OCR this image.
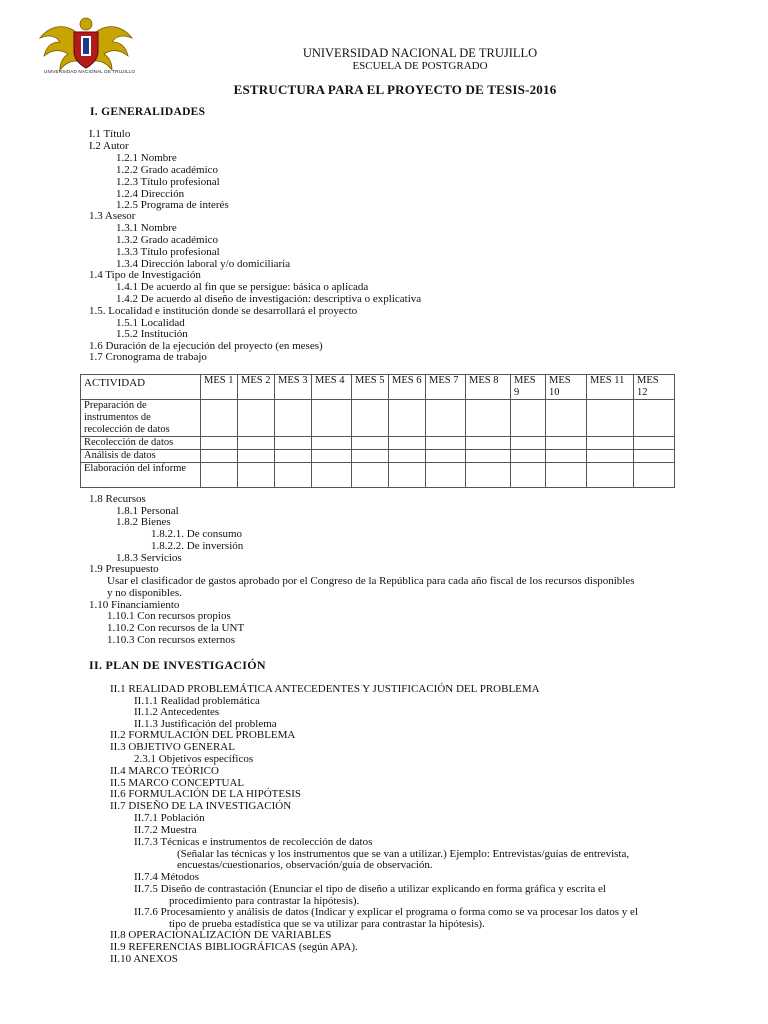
UNIVERSIDAD NACIONAL DE TRUJILLO
UNIVERSIDAD NACIONAL DE TRUJILLO
ESCUELA DE POSTGRADO
ESTRUCTURA PARA EL PROYECTO DE TESIS-2016
I. GENERALIDADES
I.1 Título
I.2 Autor
1.2.1 Nombre
1.2.2 Grado académico
1.2.3 Título profesional
1.2.4 Dirección
1.2.5 Programa de interés
1.3 Asesor
1.3.1 Nombre
1.3.2 Grado académico
1.3.3 Título profesional
1.3.4 Dirección laboral y/o domiciliaria
1.4 Tipo de Investigación
1.4.1 De acuerdo al fin que se persigue: básica o aplicada
1.4.2 De acuerdo al diseño de investigación: descriptiva o explicativa
1.5. Localidad e institución donde se desarrollará el proyecto
1.5.1 Localidad
1.5.2 Institución
1.6 Duración de la ejecución del proyecto (en meses)
1.7 Cronograma de trabajo
ACTIVIDAD	MES 1	MES 2	MES 3	MES 4	MES 5	MES 6	MES 7	MES 8	MES 9	MES 10	MES 11	MES 12
Preparación de instrumentos de recolección de datos												
Recolección de datos												
Análisis de datos												
Elaboración del informe												
1.8 Recursos
1.8.1 Personal
1.8.2 Bienes
1.8.2.1. De consumo
1.8.2.2. De inversión
1.8.3 Servicios
1.9 Presupuesto
Usar el clasificador de gastos aprobado por el Congreso de la República para cada año fiscal de los recursos disponibles
y no disponibles.
1.10 Financiamiento
1.10.1 Con recursos propios
1.10.2 Con recursos de la UNT
1.10.3 Con recursos externos
II. PLAN DE INVESTIGACIÓN
II.1 REALIDAD PROBLEMÁTICA ANTECEDENTES Y JUSTIFICACIÓN DEL PROBLEMA
II.1.1 Realidad problemática
II.1.2 Antecedentes
II.1.3 Justificación del problema
II.2 FORMULACIÓN DEL PROBLEMA
II.3 OBJETIVO GENERAL
2.3.1 Objetivos específicos
II.4 MARCO TEÓRICO
II.5 MARCO CONCEPTUAL
II.6 FORMULACIÓN DE LA HIPÓTESIS
II.7 DISEÑO DE LA INVESTIGACIÓN
II.7.1 Población
II.7.2 Muestra
II.7.3 Técnicas e instrumentos de recolección de datos
(Señalar las técnicas y los instrumentos que se van a utilizar.) Ejemplo: Entrevistas/guías de entrevista,
encuestas/cuestionarios, observación/guía de observación.
II.7.4 Métodos
II.7.5 Diseño de contrastación (Enunciar el tipo de diseño a utilizar explicando en forma gráfica y escrita el
procedimiento para contrastar la hipótesis).
II.7.6 Procesamiento y análisis de datos (Indicar y explicar el programa o forma como se va procesar los datos y el
tipo de prueba estadística que se va utilizar para contrastar la hipótesis).
II.8 OPERACIONALIZACIÓN DE VARIABLES
II.9 REFERENCIAS BIBLIOGRÁFICAS (según APA).
II.10 ANEXOS
